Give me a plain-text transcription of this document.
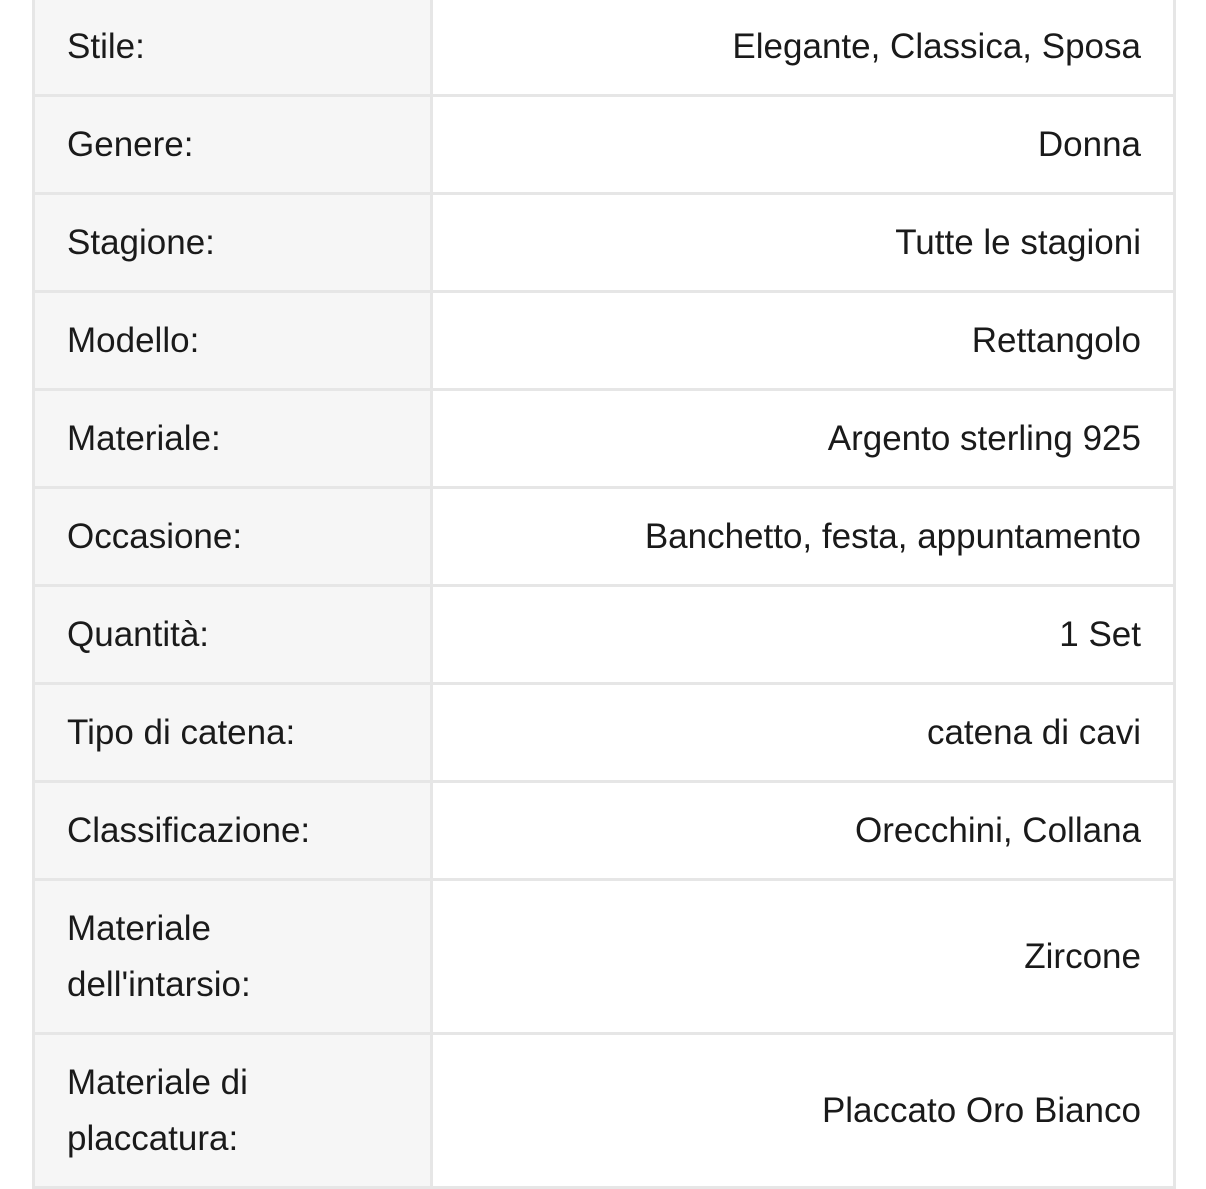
Stile:	Elegante, Classica, Sposa
Genere:	Donna
Stagione:	Tutte le stagioni
Modello:	Rettangolo
Materiale:	Argento sterling 925
Occasione:	Banchetto, festa, appuntamento
Quantità:	1 Set
Tipo di catena:	catena di cavi
Classificazione:	Orecchini, Collana
Materiale dell'intarsio:	Zircone
Materiale di placcatura:	Placcato Oro Bianco
